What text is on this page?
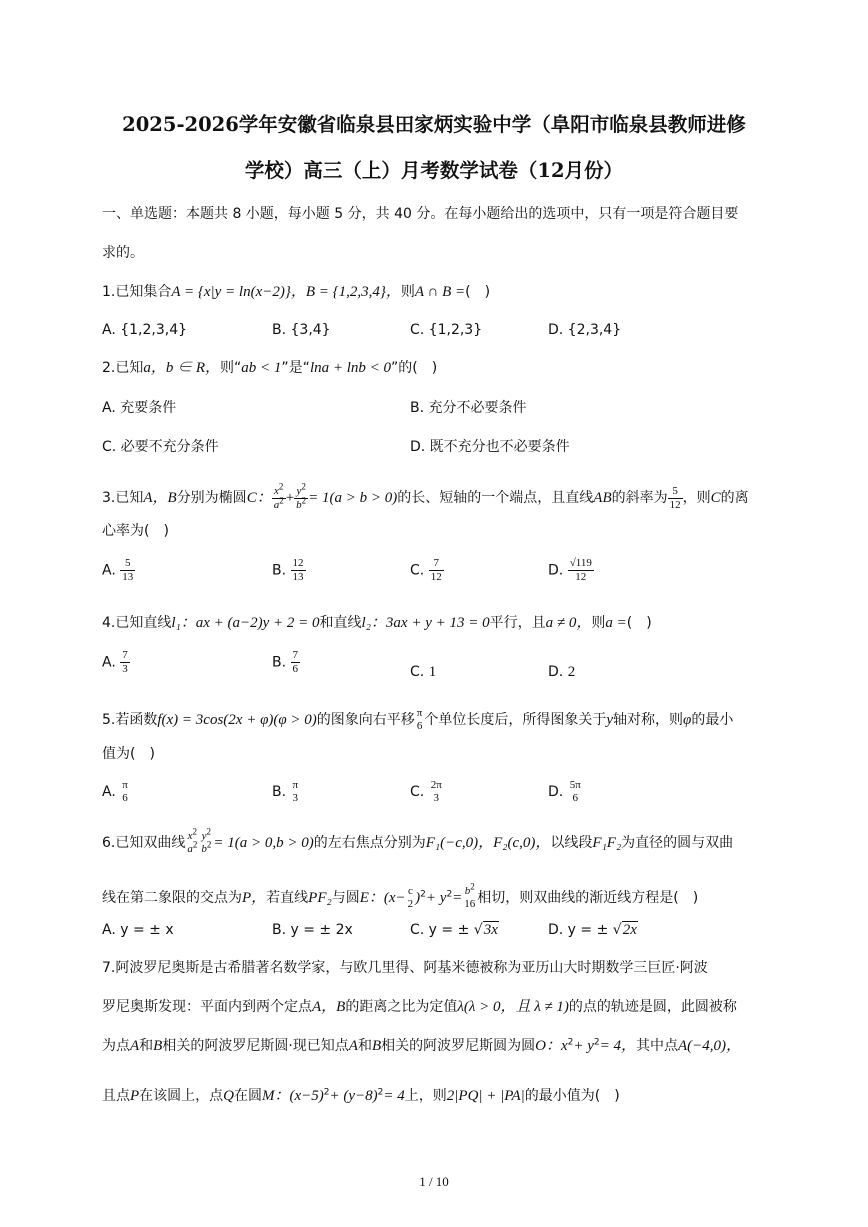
2025-2026学年安徽省临泉县田家炳实验中学（阜阳市临泉县教师进修
学校）高三（上）月考数学试卷（12月份）
一、单选题：本题共 8 小题，每小题 5 分，共 40 分。在每小题给出的选项中，只有一项是符合题目要
求的。
1.已知集合A = {x|y = ln(x−2)}，B = {1,2,3,4}，则A ∩ B =(　)
A. {1,2,3,4}	B. {3,4}	C. {1,2,3}	D. {2,3,4}
2.已知a，b ∈ R，则“ab < 1”是“lna + lnb < 0”的(　)
A. 充要条件	B. 充分不必要条件
C. 必要不充分条件	D. 既不充分也不必要条件
3.已知A，B分别为椭圆C： $\frac{x^2}{a^2} + \frac{y^2}{b^2} = 1(a > b > 0)$的长、短轴的一个端点，且直线AB的斜率为 $\frac{5}{12}$ ，则C的离
心率为(　)
A. $\frac{5}{13}$	B. $\frac{12}{13}$	C. $\frac{7}{12}$	D. $\frac{√119}{12}$
4.已知直线l₁：ax + (a−2)y + 2 = 0和直线l₂：3ax + y + 13 = 0平行，且a ≠ 0，则a =(　)
A. $\frac{7}{3}$	B. $\frac{7}{6}$	C. 1	D. 2
5.若函数f(x) = 3cos(2x + φ)(φ > 0)的图象向右平移 π
6 个单位长度后，所得图象关于y轴对称，则φ的最小
值为(　)
A. π
6	B. π
3	C. 2π
3	D. 5π
6
6.已知双曲线 $x^2$
$a^2$
$y^2$
$b^2 = 1(a > 0,b > 0)$的左右焦点分别为F₁(−c,0)，F₂(c,0)，以线段F₁F₂为直径的圆与双曲
线在第二象限的交点为P，若直线PF₂与圆E：(x− c
2 )$^2+ y^2= b^2$
16 相切，则双曲线的渐近线方程是(　)
A. y = ± x	B. y = ± 2x	C. y = ± √3x	D. y = ± √2x
7.阿波罗尼奥斯是古希腊著名数学家，与欧几里得、阿基米德被称为亚历山大时期数学三巨匠·阿波
罗尼奥斯发现：平面内到两个定点A，B的距离之比为定值λ(λ > 0，且 λ ≠ 1)的点的轨迹是圆，此圆被称
为点A和B相关的阿波罗尼斯圆·现已知点A和B相关的阿波罗尼斯圆为圆O：$x^2+ y^2= 4$，其中点A(−4,0)，
且点P在该圆上，点Q在圆M：$(x-5)^2+ (y-8)^2= 4$上，则2|PQ| + |PA|的最小值为(　)
1 / 10
